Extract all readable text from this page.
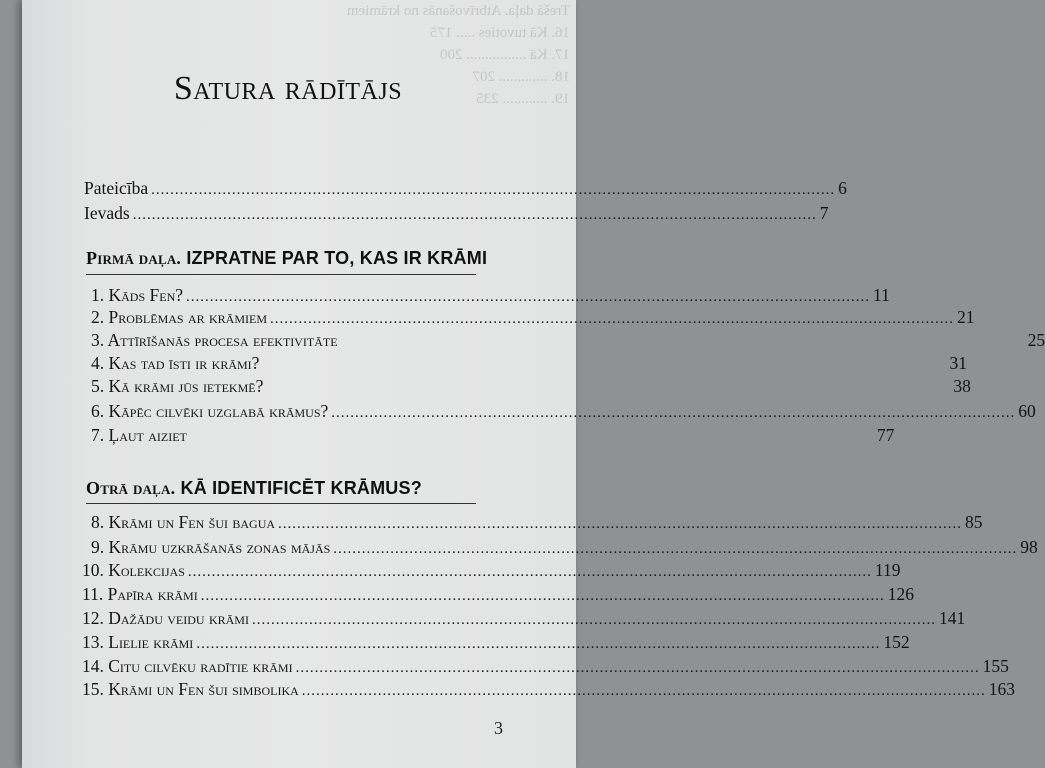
Trešā daļa. Atbrīvošanās no krāmiem
16. Kā tuvoties ..... 175
17. Kā ................ 200
18. ............. 207
19. ............ 235
Satura rādītājs
Pateicība .....	6
Ievads .....	7
Pirmā daļa. IZPRATNE PAR TO, KAS IR KRĀMI
1. Kāds Fen? .....	11
2. Problēmas ar krāmiem .....	21
3. Attīrīšanās procesa efektivitāte	25
4. Kas tad īsti ir krāmi?	31
5. Kā krāmi jūs ietekmē?	38
6. Kāpēc cilvēki uzglabā krāmus? .....	60
7. Ļaut aiziet	77
Otrā daļa. KĀ IDENTIFICĒT KRĀMUS?
8. Krāmi un Fen šui bagua .....	85
9. Krāmu uzkrāšanās zonas mājās .....	98
10. Kolekcijas .....	119
11. Papīra krāmi .....	126
12. Dažādu veidu krāmi .....	141
13. Lielie krāmi .....	152
14. Citu cilvēku radītie krāmi .....	155
15. Krāmi un Fen šui simbolika .....	163
3
